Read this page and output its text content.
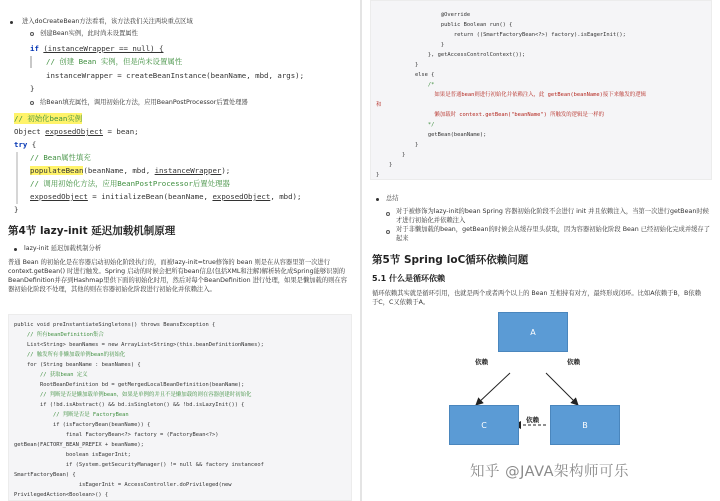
进入doCreateBean方法看看，该方法我们关注两块重点区域
创建Bean实例，此时尚未设置属性
if (instanceWrapper == null) {
// 创建 Bean 实例，但是尚未设置属性
instanceWrapper = createBeanInstance(beanName, mbd, args);
}
给Bean填充属性，调用初始化方法，应用BeanPostProcessor后置处理器
// 初始化bean实例
Object exposedObject = bean;
try {
// Bean属性填充
populateBean(beanName, mbd, instanceWrapper);
// 调用初始化方法，应用BeanPostProcessor后置处理器
exposedObject = initializeBean(beanName, exposedObject, mbd);
}
第4节 lazy-init 延迟加载机制原理
lazy-init 延迟加载机制分析
普通 Bean 的初始化是在容器启动初始化阶段执行的，而被lazy-init=true修饰的 bean 则是在从容器里第一次进行context.getBean() 时进行触发。Spring 启动的时候会把所有bean信息(包括XML和注解)解析转化成Spring能够识别的BeanDefinition并存到Hashmap里供下面的初始化时用，然后对每个BeanDefinition 进行处理，如果是懒加载的则在容器初始化阶段不处理，其他的则在容器初始化阶段进行初始化并依赖注入。
public void preInstantiateSingletons() throws BeansException {
// 所有beanDefinition集合
List<String> beanNames = new ArrayList<String>(this.beanDefinitionNames);
// 触发所有非懒加载单例bean的初始化
for (String beanName : beanNames) {
// 获取bean 定义
RootBeanDefinition bd = getMergedLocalBeanDefinition(beanName);
// 判断是否是懒加载单例bean，如果是单例的并且不是懒加载的则在容器创建时初始化
if (!bd.isAbstract() && bd.isSingleton() && !bd.isLazyInit()) {
// 判断是否是 FactoryBean
if (isFactoryBean(beanName)) {
final FactoryBean<?> factory = (FactoryBean<?>)
getBean(FACTORY_BEAN_PREFIX + beanName);
boolean isEagerInit;
if (System.getSecurityManager() != null && factory instanceof
SmartFactoryBean) {
isEagerInit = AccessController.doPrivileged(new
PrivilegedAction<Boolean>() {
@Override
public Boolean run() {
return ((SmartFactoryBean<?>) factory).isEagerInit();
}
}, getAccessControlContext());
}
else {
/*
如果是普通bean则进行初始化并依赖注入，此 getBean(beanName)接下来触发的逻辑
和
懒加载时 context.getBean("beanName") 所触发的逻辑是一样的
*/
getBean(beanName);
}
}
}
}
总结
对于被修饰为lazy-init的bean Spring 容器初始化阶段不会进行 init 并且依赖注入，当第一次进行getBean时候才进行初始化并依赖注入
对于非懒加载的bean，getBean的时候会从缓存里头获取，因为容器初始化阶段 Bean 已经初始化完成并缓存了起来
第5节 Spring IoC循环依赖问题
5.1 什么是循环依赖
循环依赖其实就是循环引用，也就是两个或者两个以上的 Bean 互相持有对方，最终形成闭环。比如A依赖于B，B依赖于C，C又依赖于A。
A
C	B
依赖	依赖
依赖
知乎 @JAVA架构师可乐
